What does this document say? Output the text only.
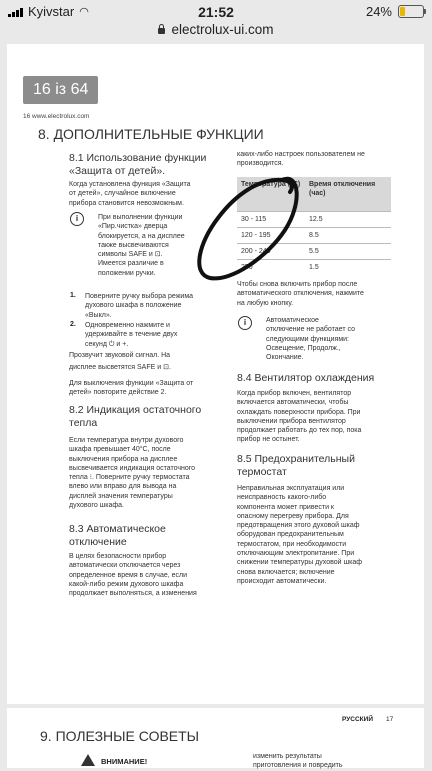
Kyivstar ◠	21:52	24%
electrolux-ui.com
16 із 64
16 www.electrolux.com
8. ДОПОЛНИТЕЛЬНЫЕ ФУНКЦИИ
8.1 Использование функции
«Защита от детей».
Когда установлена функция «Защита
от детей», случайное включение
прибора становится невозможным.
i	При выполнении функции
«Пир.чистка» дверца
блокируется, а на дисплее
также высвечиваются
символы SAFE и ⊡.
Имеется различие в
положении ручки.
1. Поверните ручку выбора режима
духового шкафа в положение
«Выкл».
2. Одновременно нажмите и
удерживайте в течение двух
секунд ⏻ и +.
Прозвучит звуковой сигнал. На
дисплее высветятся SAFE и ⊡.
Для выключения функции «Защита от
детей» повторите действие 2.
8.2 Индикация остаточного
тепла
Если температура внутри духового
шкафа превышает 40°C, после
выключения прибора на дисплее
высвечивается индикация остаточного
тепла ⁝. Поверните ручку термостата
влево или вправо для вывода на
дисплей значения температуры
духового шкафа.
8.3 Автоматическое
отключение
В целях безопасности прибор
автоматически отключается через
определенное время в случае, если
какой-либо режим духового шкафа
продолжает выполняться, а изменения
каких-либо настроек пользователем не
производится.
Температура (°C)	Время отключения (час)
30 - 115	12.5
120 - 195	8.5
200 - 245	5.5
250	1.5
Чтобы снова включить прибор после
автоматического отключения, нажмите
на любую кнопку.
i	Автоматическое
отключение не работает со
следующими функциями:
Освещение, Продолж.,
Окончание.
8.4 Вентилятор охлаждения
Когда прибор включен, вентилятор
включается автоматически, чтобы
охлаждать поверхности прибора. При
выключении прибора вентилятор
продолжает работать до тех пор, пока
прибор не остынет.
8.5 Предохранительный
термостат
Неправильная эксплуатация или
неисправность какого-либо
компонента может привести к
опасному перегреву прибора. Для
предотвращения этого духовой шкаф
оборудован предохранительным
термостатом, при необходимости
отключающим электропитание. При
снижении температуры духовой шкаф
снова включается; включение
происходит автоматически.
РУССКИЙ 17
9. ПОЛЕЗНЫЕ СОВЕТЫ
ВНИМАНИЕ!
изменить результаты
приготовления и повредить
